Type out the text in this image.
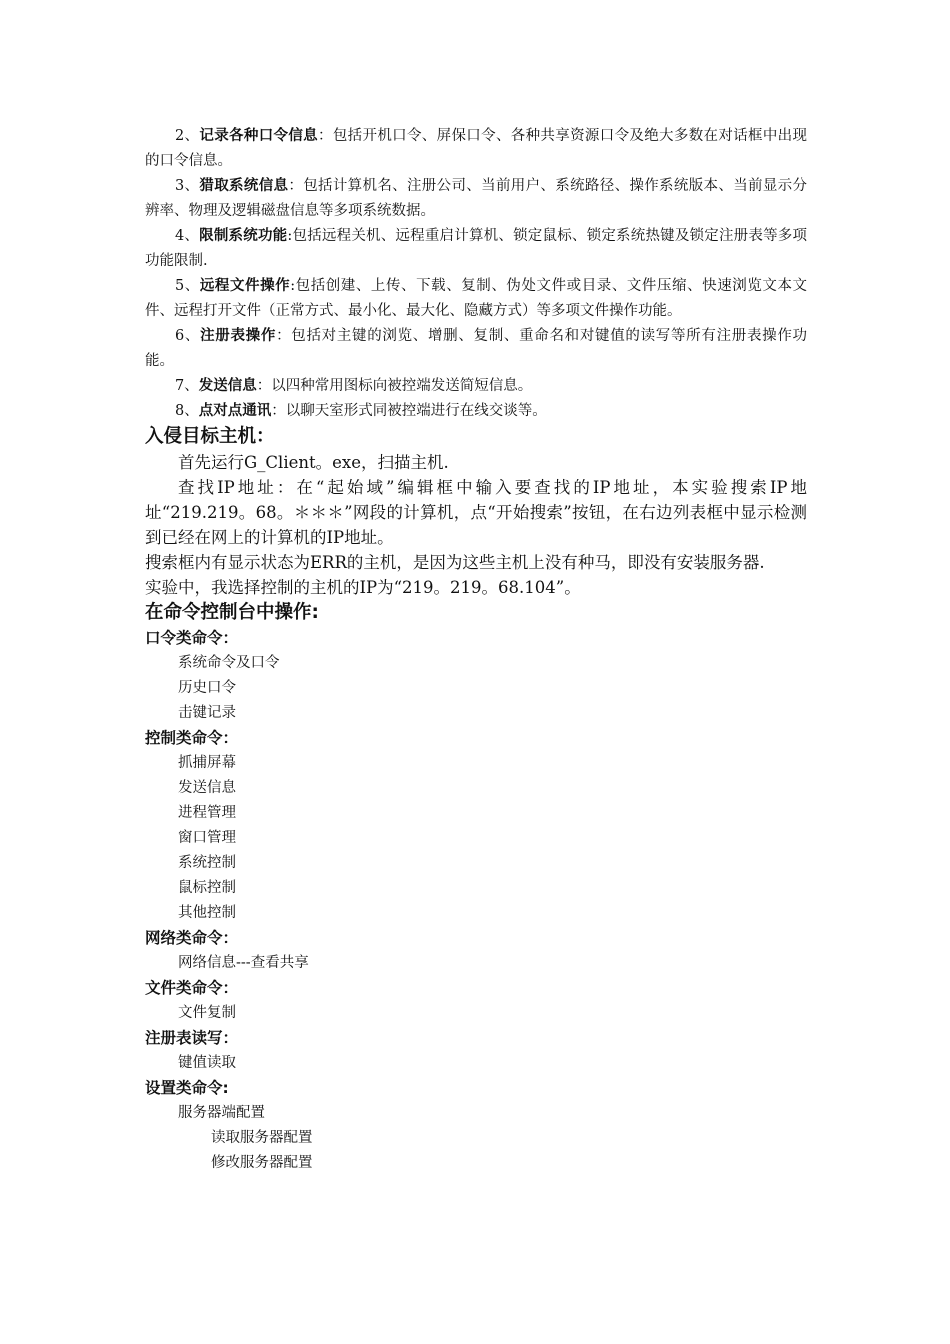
2、记录各种口令信息：包括开机口令、屏保口令、各种共享资源口令及绝大多数在对话框中出现的口令信息。

3、猎取系统信息：包括计算机名、注册公司、当前用户、系统路径、操作系统版本、当前显示分辨率、物理及逻辑磁盘信息等多项系统数据。

4、限制系统功能:包括远程关机、远程重启计算机、锁定鼠标、锁定系统热键及锁定注册表等多项功能限制.

5、远程文件操作:包括创建、上传、下载、复制、伪处文件或目录、文件压缩、快速浏览文本文件、远程打开文件（正常方式、最小化、最大化、隐藏方式）等多项文件操作功能。

6、注册表操作：包括对主键的浏览、增删、复制、重命名和对键值的读写等所有注册表操作功能。

7、发送信息：以四种常用图标向被控端发送简短信息。

8、点对点通讯：以聊天室形式同被控端进行在线交谈等。

入侵目标主机：

首先运行G_Client。exe，扫描主机.

查找IP地址：在“起始域”编辑框中输入要查找的IP地址，本实验搜索IP地址“219.219。68。＊＊＊”网段的计算机，点“开始搜索”按钮，在右边列表框中显示检测到已经在网上的计算机的IP地址。

搜索框内有显示状态为ERR的主机，是因为这些主机上没有种马，即没有安装服务器.

实验中，我选择控制的主机的IP为“219。219。68.104”。

在命令控制台中操作:

口令类命令：

系统命令及口令

历史口令

击键记录

控制类命令：

抓捕屏幕

发送信息

进程管理

窗口管理

系统控制

鼠标控制

其他控制

网络类命令：

网络信息---查看共享

文件类命令：

文件复制

注册表读写：

键值读取

设置类命令:

服务器端配置

读取服务器配置

修改服务器配置
